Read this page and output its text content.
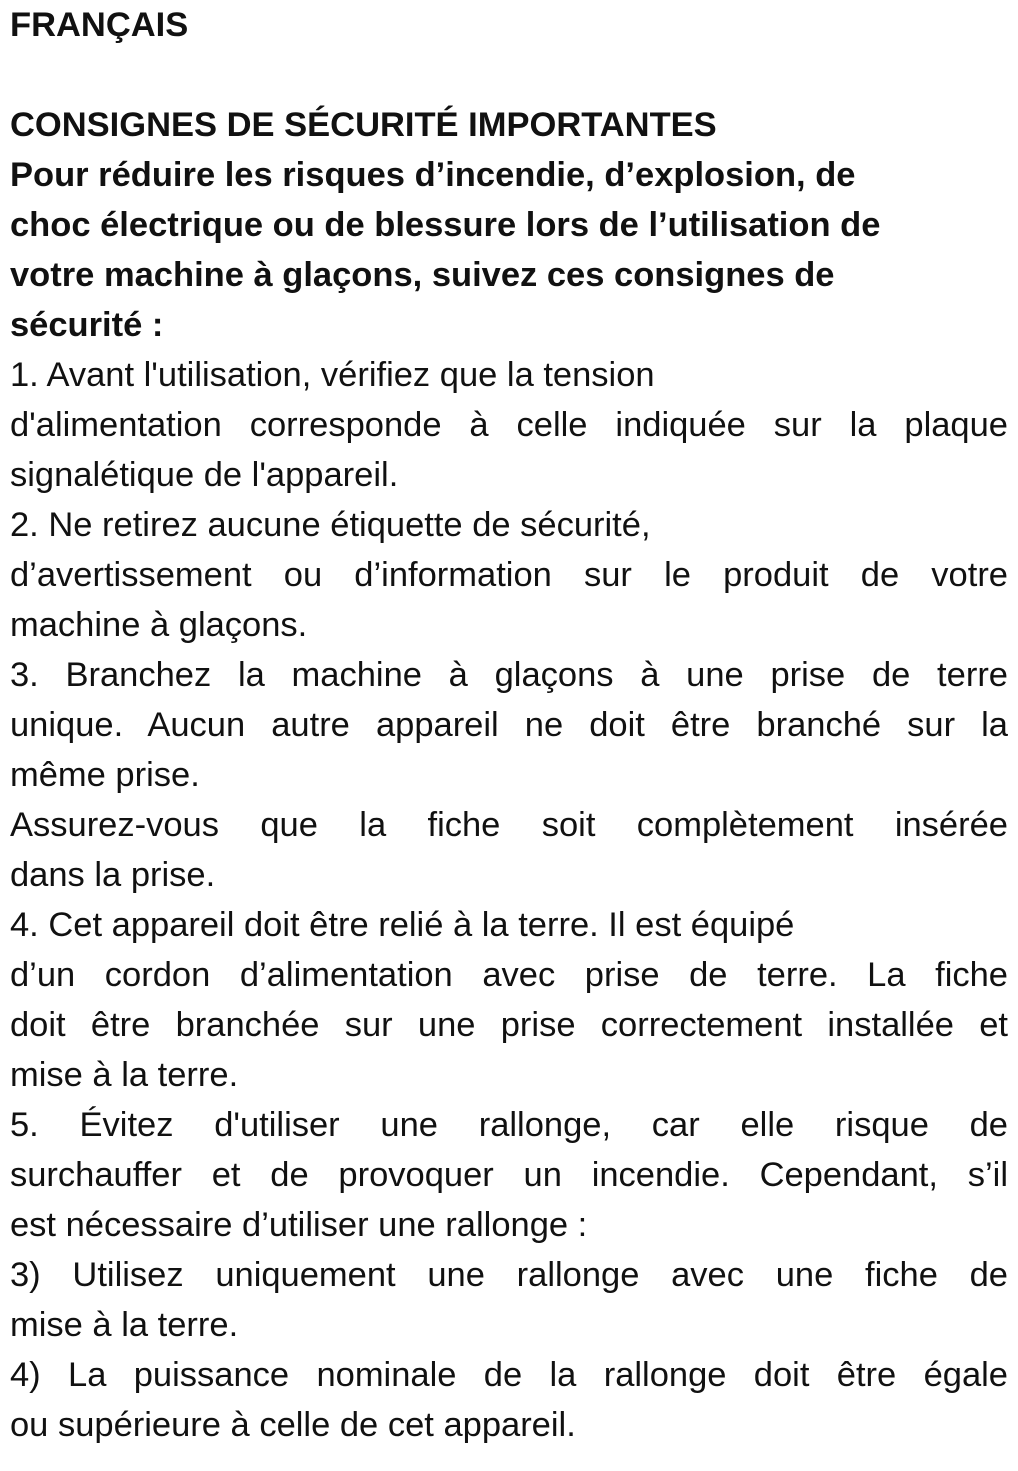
FRANÇAIS
CONSIGNES DE SÉCURITÉ IMPORTANTES
Pour réduire les risques d’incendie, d’explosion, de
choc électrique ou de blessure lors de l’utilisation de
votre machine à glaçons, suivez ces consignes de
sécurité :
1. Avant l'utilisation, vérifiez que la tension
d'alimentation corresponde à celle indiquée sur la plaque
signalétique de l'appareil.
2. Ne retirez aucune étiquette de sécurité,
d’avertissement ou d’information sur le produit de votre
machine à glaçons.
3. Branchez la machine à glaçons à une prise de terre
unique. Aucun autre appareil ne doit être branché sur la
même prise.
Assurez-vous que la fiche soit complètement insérée
dans la prise.
4. Cet appareil doit être relié à la terre. Il est équipé
d’un cordon d’alimentation avec prise de terre. La fiche
doit être branchée sur une prise correctement installée et
mise à la terre.
5. Évitez d'utiliser une rallonge, car elle risque de
surchauffer et de provoquer un incendie. Cependant, s’il
est nécessaire d’utiliser une rallonge :
3) Utilisez uniquement une rallonge avec une fiche de
mise à la terre.
4) La puissance nominale de la rallonge doit être égale
ou supérieure à celle de cet appareil.
